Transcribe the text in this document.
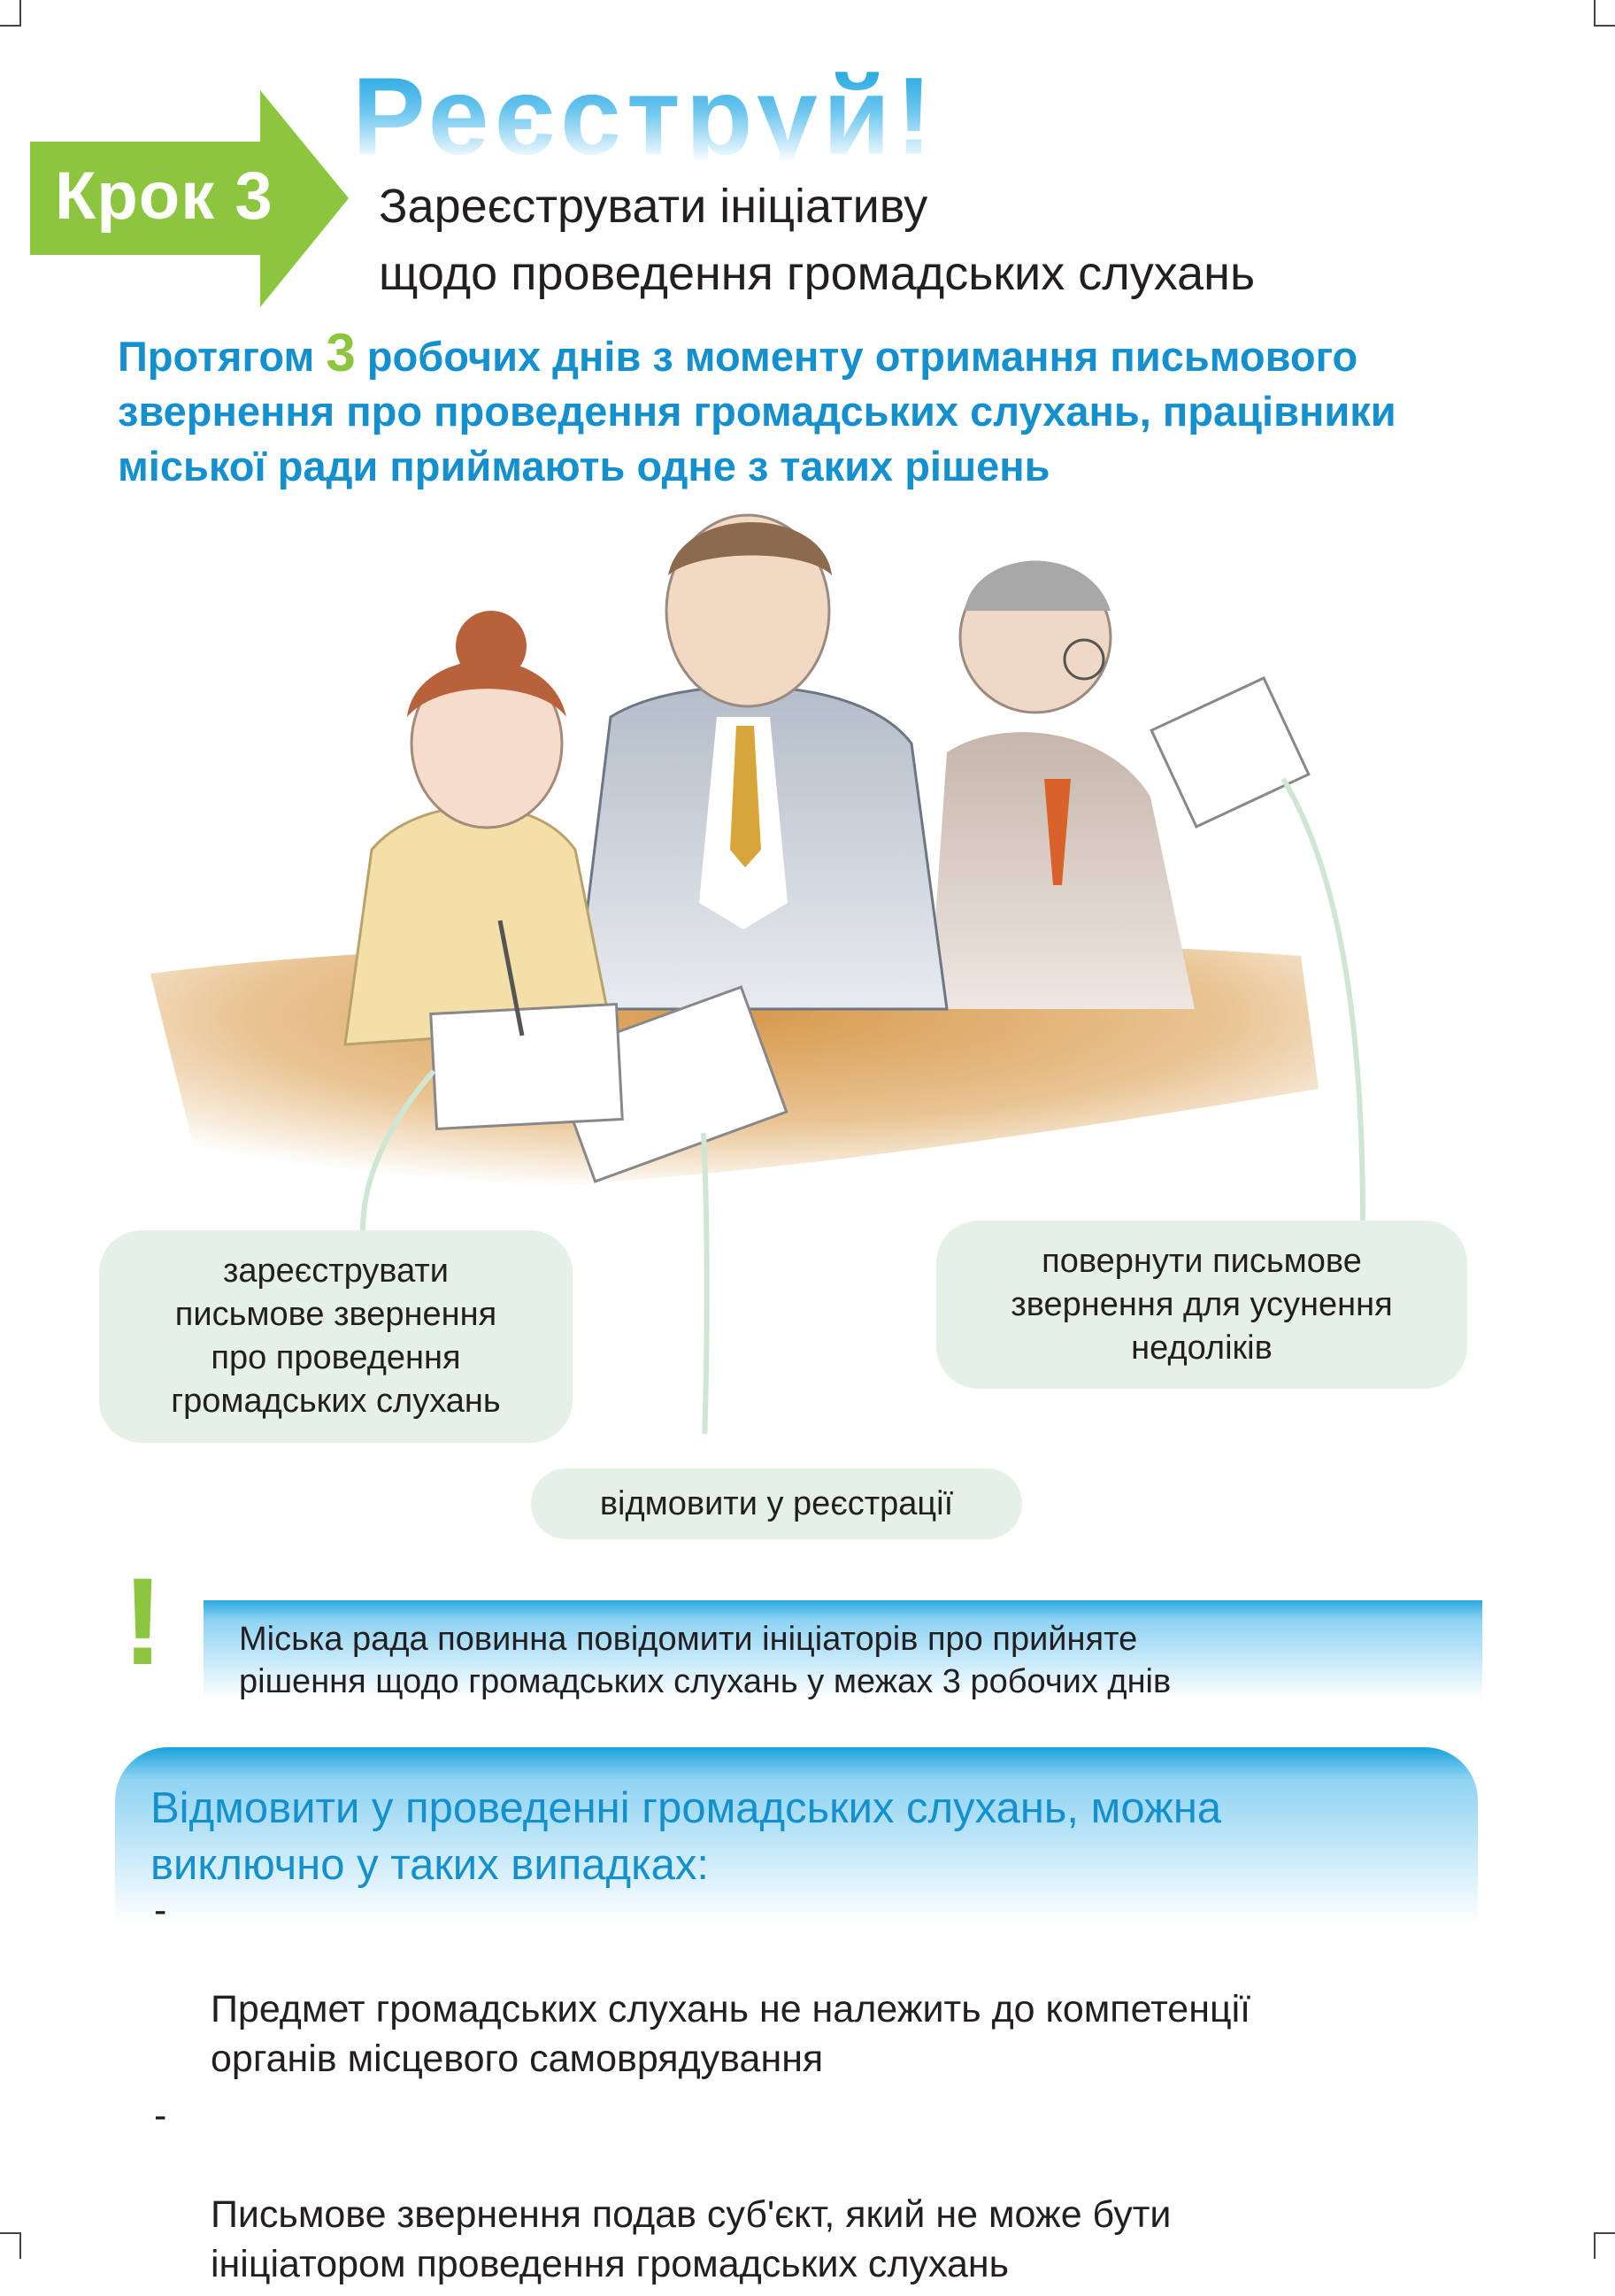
Крок 3
Реєструй!
Зареєструвати ініціативу
щодо проведення громадських слухань
Протягом 3 робочих днів з моменту отримання письмового звернення про проведення громадських слухань, працівники міської ради приймають одне з таких рішень
зареєструвати
письмове звернення
про проведення
громадських слухань
повернути письмове
звернення для усунення
недоліків
відмовити у реєстрації
! Міська рада повинна повідомити ініціаторів про прийняте
рішення щодо громадських слухань у межах 3 робочих днів
Відмовити у проведенні громадських слухань, можна
виключно у таких випадках:

-

Предмет громадських слухань не належить до компетенції
органів місцевого самоврядування

-

Письмове звернення подав суб'єкт, який не може бути
ініціатором проведення громадських слухань
